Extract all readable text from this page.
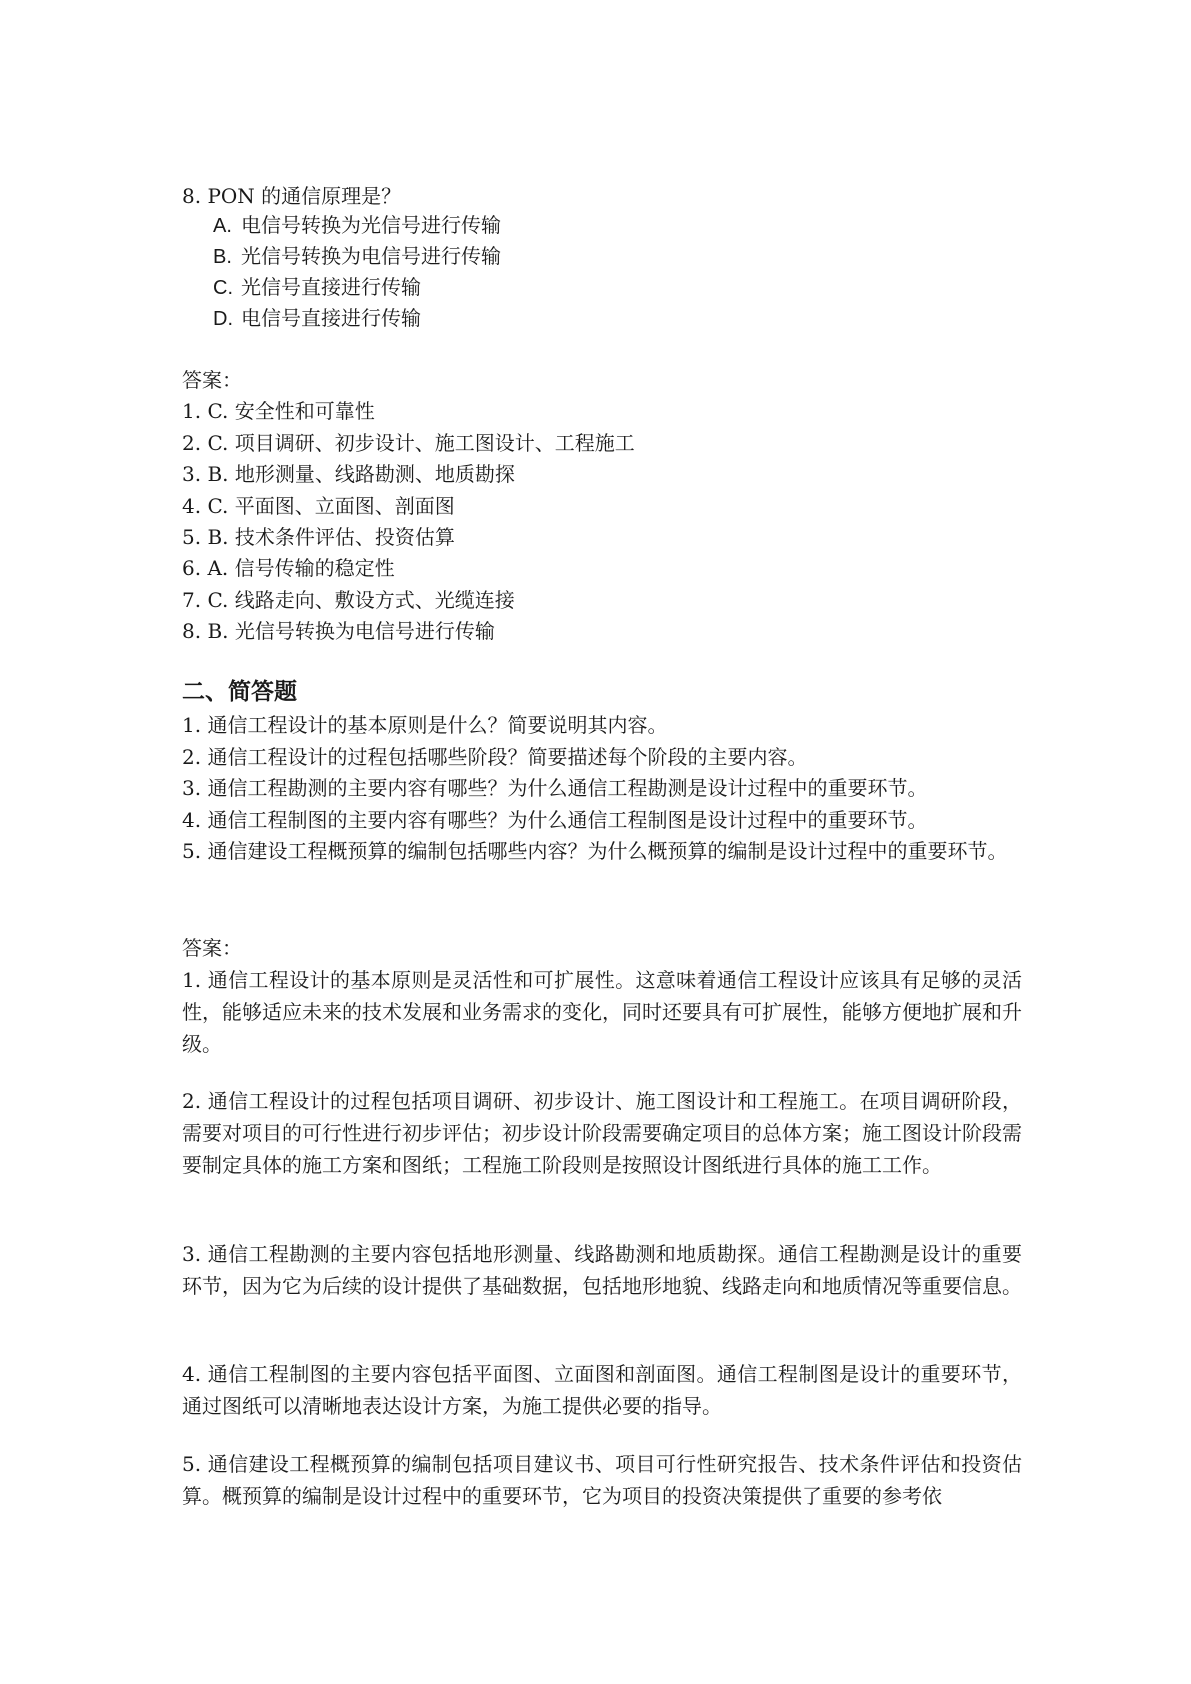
8. PON 的通信原理是？
A. 电信号转换为光信号进行传输
B. 光信号转换为电信号进行传输
C. 光信号直接进行传输
D. 电信号直接进行传输
答案：
1. C. 安全性和可靠性
2. C. 项目调研、初步设计、施工图设计、工程施工
3. B. 地形测量、线路勘测、地质勘探
4. C. 平面图、立面图、剖面图
5. B. 技术条件评估、投资估算
6. A. 信号传输的稳定性
7. C. 线路走向、敷设方式、光缆连接
8. B. 光信号转换为电信号进行传输
二、简答题
1. 通信工程设计的基本原则是什么？简要说明其内容。
2. 通信工程设计的过程包括哪些阶段？简要描述每个阶段的主要内容。
3. 通信工程勘测的主要内容有哪些？为什么通信工程勘测是设计过程中的重要环节。
4. 通信工程制图的主要内容有哪些？为什么通信工程制图是设计过程中的重要环节。
5. 通信建设工程概预算的编制包括哪些内容？为什么概预算的编制是设计过程中的重要环节。
答案：

1. 通信工程设计的基本原则是灵活性和可扩展性。这意味着通信工程设计应该具有足够的灵活性，能够适应未来的技术发展和业务需求的变化，同时还要具有可扩展性，能够方便地扩展和升级。

2. 通信工程设计的过程包括项目调研、初步设计、施工图设计和工程施工。在项目调研阶段，需要对项目的可行性进行初步评估；初步设计阶段需要确定项目的总体方案；施工图设计阶段需要制定具体的施工方案和图纸；工程施工阶段则是按照设计图纸进行具体的施工工作。

3. 通信工程勘测的主要内容包括地形测量、线路勘测和地质勘探。通信工程勘测是设计的重要环节，因为它为后续的设计提供了基础数据，包括地形地貌、线路走向和地质情况等重要信息。

4. 通信工程制图的主要内容包括平面图、立面图和剖面图。通信工程制图是设计的重要环节，通过图纸可以清晰地表达设计方案，为施工提供必要的指导。

5. 通信建设工程概预算的编制包括项目建议书、项目可行性研究报告、技术条件评估和投资估算。概预算的编制是设计过程中的重要环节，它为项目的投资决策提供了重要的参考依
